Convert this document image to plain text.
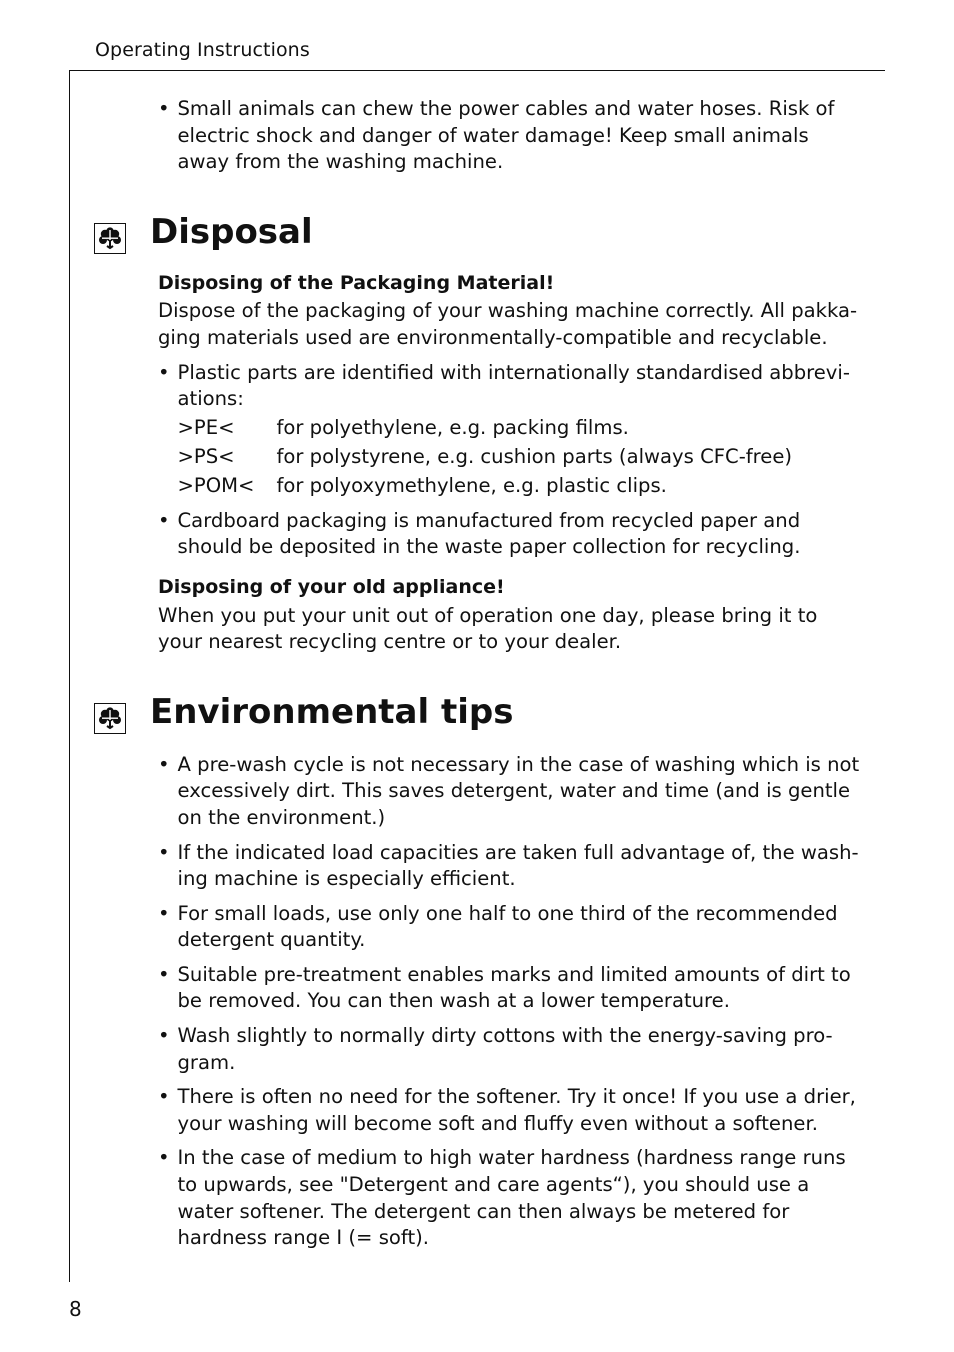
Operating Instructions
• Small animals can chew the power cables and water hoses. Risk of electric shock and danger of water damage! Keep small animals away from the washing machine.
Disposal
Disposing of the Packaging Material!
Dispose of the packaging of your washing machine correctly. All pakka-ging materials used are environmentally-compatible and recyclable.
• Plastic parts are identified with internationally standardised abbrevi-ations:
>PE<	for polyethylene, e.g. packing films.
>PS<	for polystyrene, e.g. cushion parts (always CFC-free)
>POM<	for polyoxymethylene, e.g. plastic clips.
• Cardboard packaging is manufactured from recycled paper and should be deposited in the waste paper collection for recycling.
Disposing of your old appliance!
When you put your unit out of operation one day, please bring it to your nearest recycling centre or to your dealer.
Environmental tips
• A pre-wash cycle is not necessary in the case of washing which is not excessively dirt. This saves detergent, water and time (and is gentle on the environment.)
• If the indicated load capacities are taken full advantage of, the wash-ing machine is especially efficient.
• For small loads, use only one half to one third of the recommended detergent quantity.
• Suitable pre-treatment enables marks and limited amounts of dirt to be removed. You can then wash at a lower temperature.
• Wash slightly to normally dirty cottons with the energy-saving pro-gram.
• There is often no need for the softener. Try it once! If you use a drier, your washing will become soft and fluffy even without a softener.
• In the case of medium to high water hardness (hardness range runs to upwards, see "Detergent and care agents“), you should use a water softener. The detergent can then always be metered for hardness range I (= soft).
8
